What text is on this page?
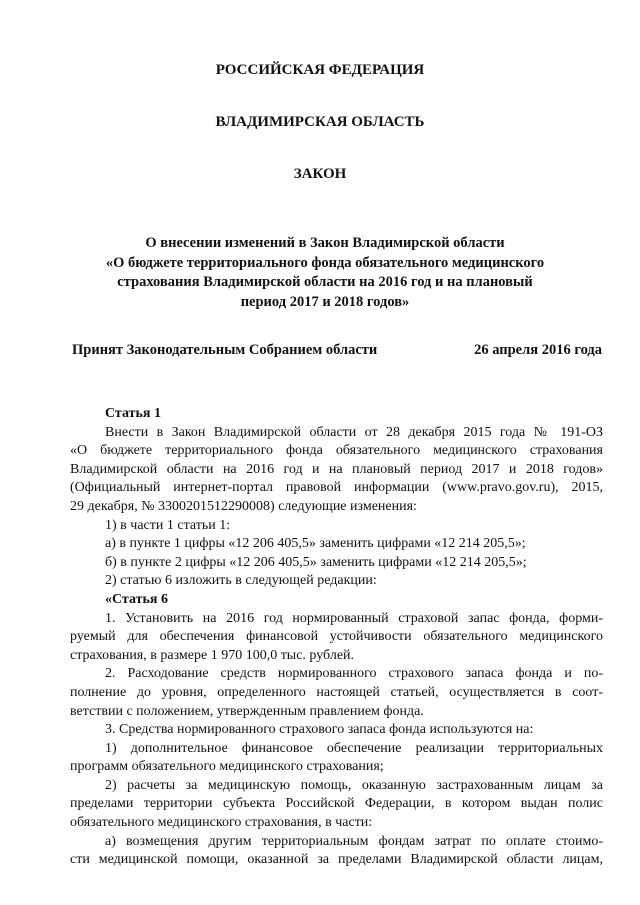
РОССИЙСКАЯ ФЕДЕРАЦИЯ

ВЛАДИМИРСКАЯ ОБЛАСТЬ

ЗАКОН

О внесении изменений в Закон Владимирской области
«О бюджете территориального фонда обязательного медицинского
страхования Владимирской области на 2016 год и на плановый
период 2017 и 2018 годов»
Принят Законодательным Собранием области	26 апреля 2016 года
Статья 1
Внести в Закон Владимирской области от 28 декабря 2015 года № 191-ОЗ
«О бюджете территориального фонда обязательного медицинского страхования
Владимирской области на 2016 год и на плановый период 2017 и 2018 годов»
(Официальный интернет-портал правовой информации (www.pravo.gov.ru), 2015,
29 декабря, № 3300201512290008) следующие изменения:
1) в части 1 статьи 1:
а) в пункте 1 цифры «12 206 405,5» заменить цифрами «12 214 205,5»;
б) в пункте 2 цифры «12 206 405,5» заменить цифрами «12 214 205,5»;
2) статью 6 изложить в следующей редакции:
«Статья 6
1. Установить на 2016 год нормированный страховой запас фонда, форми-
руемый для обеспечения финансовой устойчивости обязательного медицинского
страхования, в размере 1 970 100,0 тыс. рублей.
2. Расходование средств нормированного страхового запаса фонда и по-
полнение до уровня, определенного настоящей статьей, осуществляется в соот-
ветствии с положением, утвержденным правлением фонда.
3. Средства нормированного страхового запаса фонда используются на:
1) дополнительное финансовое обеспечение реализации территориальных
программ обязательного медицинского страхования;
2) расчеты за медицинскую помощь, оказанную застрахованным лицам за
пределами территории субъекта Российской Федерации, в котором выдан полис
обязательного медицинского страхования, в части:
а) возмещения другим территориальным фондам затрат по оплате стоимо-
сти медицинской помощи, оказанной за пределами Владимирской области лицам,
